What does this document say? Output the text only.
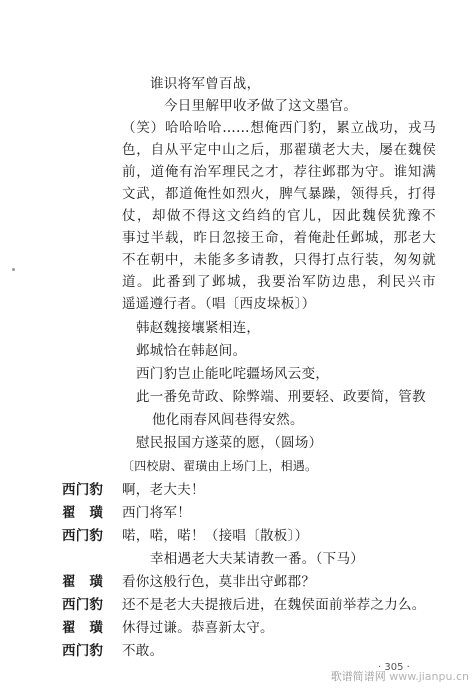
谁识将军曾百战，
今日里解甲收矛做了这文墨官。
（笑）哈哈哈哈……想俺西门豹，累立战功，戎马
色，自从平定中山之后，那翟璜老大夫，屡在魏侯
前，道俺有治军理民之才，荐往邺郡为守。谁知满
文武，都道俺性如烈火，脾气暴躁，领得兵，打得
仗，却做不得这文绉绉的官儿，因此魏侯犹豫不
事过半载，昨日忽接王命，着俺赴任邺城，那老大
不在朝中，未能多多请教，只得打点行装，匆匆就
道。此番到了邺城，我要治军防边患，利民兴市
遥遥遵行者。（唱〔西皮垛板〕）
韩赵魏接壤紧相连，
邺城恰在韩赵间。
西门豹岂止能叱咤疆场风云变，
此一番免苛政、除弊端、刑要轻、政要简，管教
他化雨春风闾巷得安然。
慰民报国方遂菜的愿，（圆场）
〔四校尉、翟璜由上场门上，相遇。
西门豹 啊，老大夫！
翟　璜 西门将军！
西门豹 喏，喏，喏！（接唱〔散板〕）
幸相遇老大夫某请教一番。（下马）
翟　璜 看你这般行色，莫非出守邺郡？
西门豹 还不是老大夫提掖后进，在魏侯面前举荐之力么。
翟　璜 休得过谦。恭喜新太守。
西门豹 不敢。
· 305 ·
歌谱简谱网 www.jianpu.cn
